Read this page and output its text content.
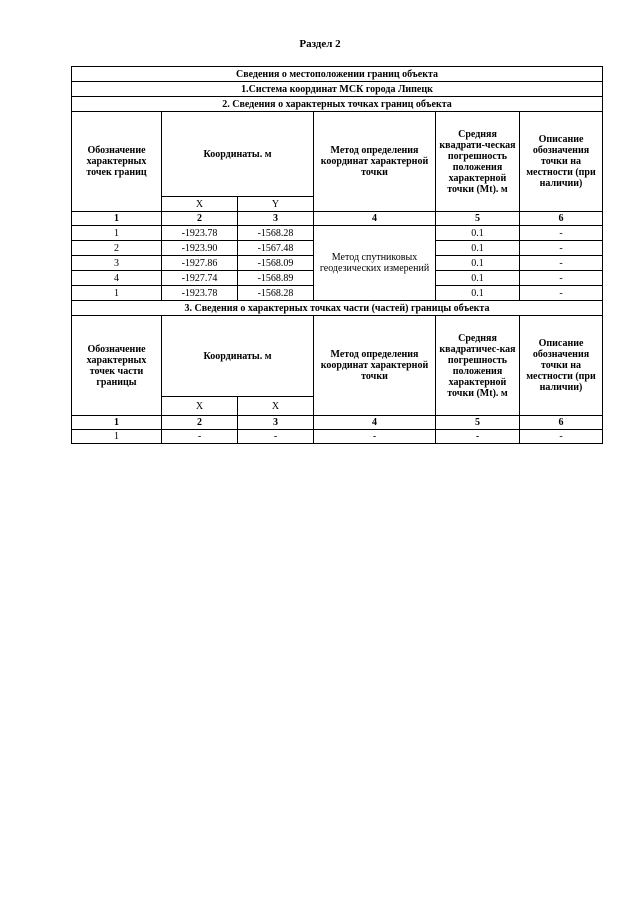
Раздел 2
Сведения о местоположении границ объекта					
1.Система координат МСК города Липецк					
2. Сведения о характерных точках границ объекта					
Обозначение характерных точек границ	Координаты. м		Метод определения координат характерной точки	Средняя квадрати-ческая погрешность положения характерной точки (Mt). м	Описание обозначения точки на местности (при наличии)
	X	Y			
1	2	3	4	5	6
1	-1923.78	-1568.28	Метод спутниковых геодезических измерений	0.1	-
2	-1923.90	-1567.48		0.1	-
3	-1927.86	-1568.09		0.1	-
4	-1927.74	-1568.89		0.1	-
1	-1923.78	-1568.28		0.1	-
3. Сведения о характерных точках части (частей) границы объекта					
Обозначение характерных точек части границы	Координаты. м		Метод определения координат характерной точки	Средняя квадратичес-кая погрешность положения характерной точки (Mt). м	Описание обозначения точки на местности (при наличии)
	X	X			
1	2	3	4	5	6
1	-	-	-	-	-
